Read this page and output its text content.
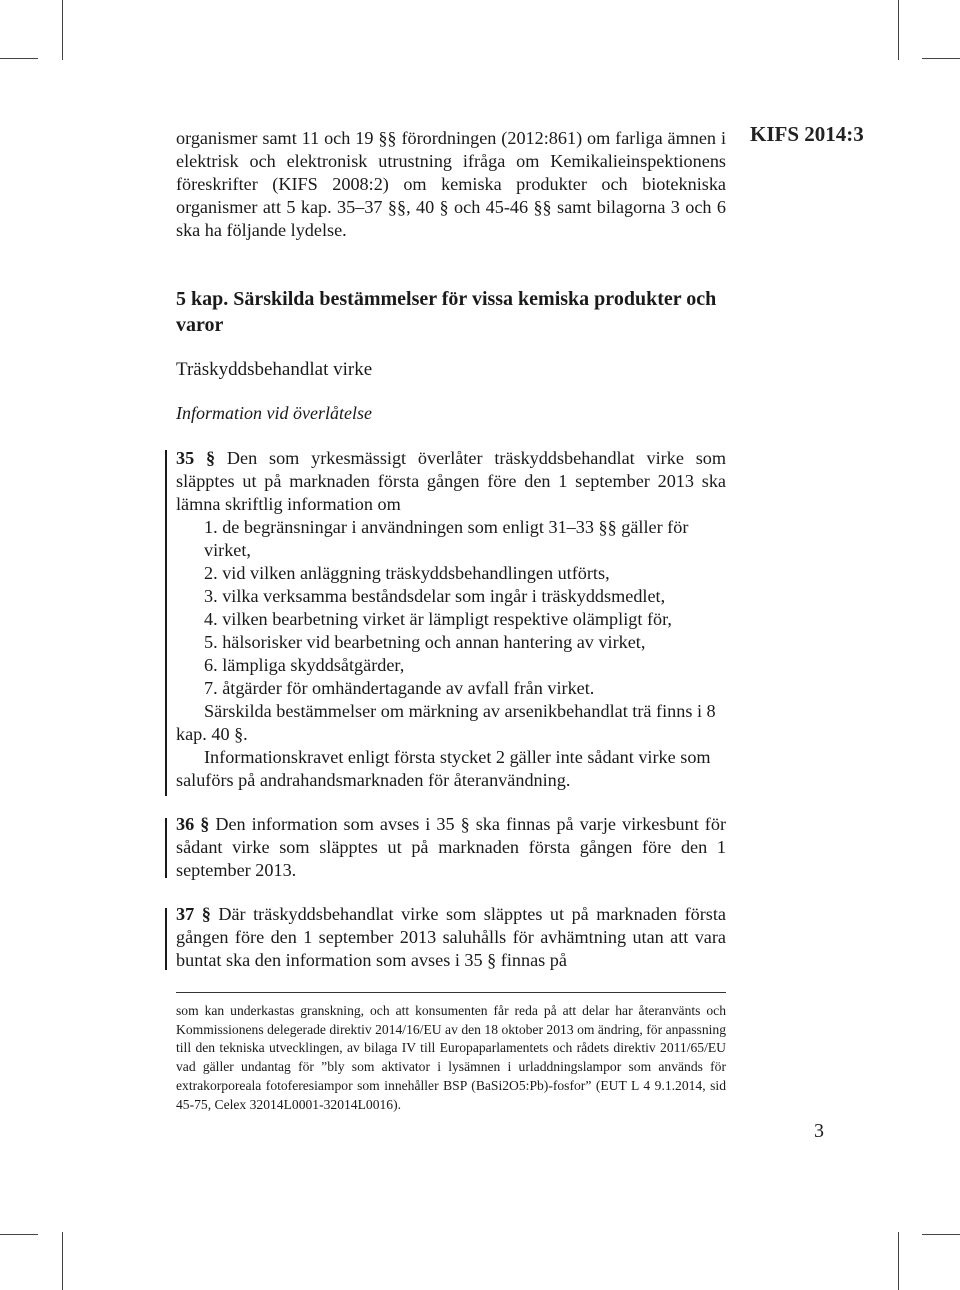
KIFS 2014:3

organismer samt 11 och 19 §§ förordningen (2012:861) om farliga ämnen i elektrisk och elektronisk utrustning ifråga om Kemikalieinspektionens föreskrifter (KIFS 2008:2) om kemiska produkter och biotekniska organismer att 5 kap. 35–37 §§, 40 § och 45-46 §§ samt bilagorna 3 och 6 ska ha följande lydelse.

5 kap. Särskilda bestämmelser för vissa kemiska produkter och varor

Träskyddsbehandlat virke

Information vid överlåtelse

35 § Den som yrkesmässigt överlåter träskyddsbehandlat virke som släpptes ut på marknaden första gången före den 1 september 2013 ska lämna skriftlig information om

1. de begränsningar i användningen som enligt 31–33 §§ gäller för virket,

2. vid vilken anläggning träskyddsbehandlingen utförts,

3. vilka verksamma beståndsdelar som ingår i träskyddsmedlet,

4. vilken bearbetning virket är lämpligt respektive olämpligt för,

5. hälsorisker vid bearbetning och annan hantering av virket,

6. lämpliga skyddsåtgärder,

7. åtgärder för omhändertagande av avfall från virket.

Särskilda bestämmelser om märkning av arsenikbehandlat trä finns i 8 kap. 40 §.

Informationskravet enligt första stycket 2 gäller inte sådant virke som saluförs på andrahandsmarknaden för återanvändning.

36 § Den information som avses i 35 § ska finnas på varje virkesbunt för sådant virke som släpptes ut på marknaden första gången före den 1 september 2013.

37 § Där träskyddsbehandlat virke som släpptes ut på marknaden första gången före den 1 september 2013 saluhålls för avhämtning utan att vara buntat ska den information som avses i 35 § finnas på

som kan underkastas granskning, och att konsumenten får reda på att delar har återanvänts och Kommissionens delegerade direktiv 2014/16/EU av den 18 oktober 2013 om ändring, för anpassning till den tekniska utvecklingen, av bilaga IV till Europaparlamentets och rådets direktiv 2011/65/EU vad gäller undantag för ”bly som aktivator i lysämnen i urladdningslampor som används för extrakorporeala fotoferesiampor som innehåller BSP (BaSi2O5:Pb)-fosfor” (EUT L 4 9.1.2014, sid 45-75, Celex 32014L0001-32014L0016).
3
